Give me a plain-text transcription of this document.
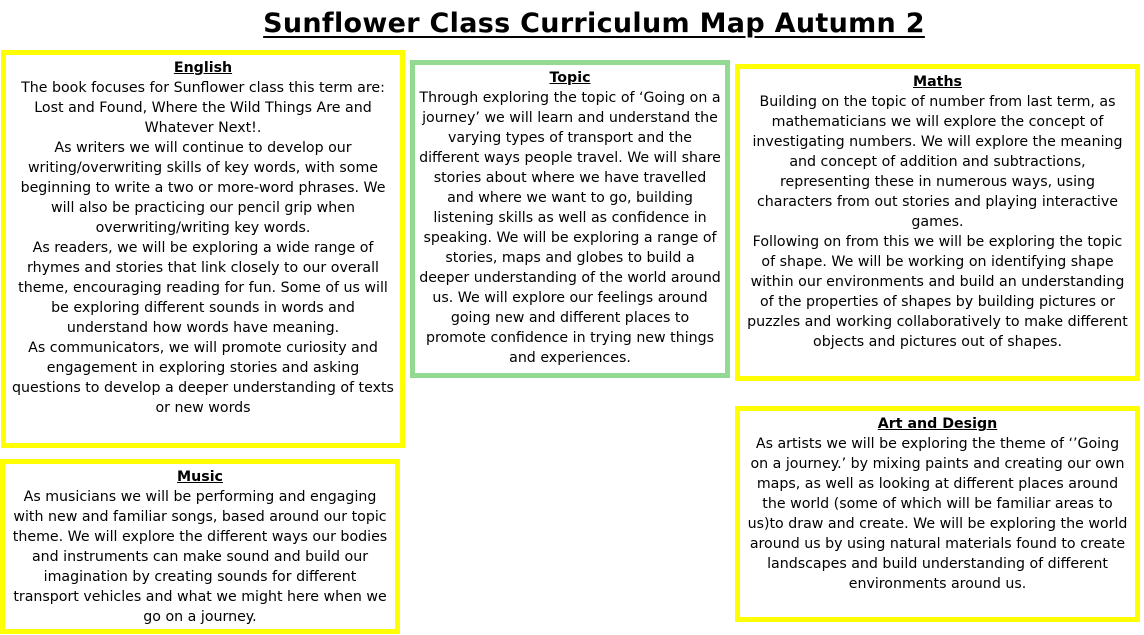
Sunflower Class Curriculum Map Autumn 2
English

The book focuses for Sunflower class this term are: Lost and Found, Where the Wild Things Are and Whatever Next!.

As writers we will continue to develop our writing/overwriting skills of key words, with some beginning to write a two or more-word phrases. We will also be practicing our pencil grip when overwriting/writing key words.

As readers, we will be exploring a wide range of rhymes and stories that link closely to our overall theme, encouraging reading for fun. Some of us will be exploring different sounds in words and understand how words have meaning.

As communicators, we will promote curiosity and engagement in exploring stories and asking questions to develop a deeper understanding of texts or new words

Topic

Through exploring the topic of ‘Going on a journey’ we will learn and understand the varying types of transport and the different ways people travel. We will share stories about where we have travelled and where we want to go, building listening skills as well as confidence in speaking. We will be exploring a range of stories, maps and globes to build a deeper understanding of the world around us. We will explore our feelings around going new and different places to promote confidence in trying new things and experiences.

Maths

Building on the topic of number from last term, as mathematicians we will explore the concept of investigating numbers. We will explore the meaning and concept of addition and subtractions, representing these in numerous ways, using characters from out stories and playing interactive games.

Following on from this we will be exploring the topic of shape. We will be working on identifying shape within our environments and build an understanding of the properties of shapes by building pictures or puzzles and working collaboratively to make different objects and pictures out of shapes.

Music

As musicians we will be performing and engaging with new and familiar songs, based around our topic theme. We will explore the different ways our bodies and instruments can make sound and build our imagination by creating sounds for different transport vehicles and what we might here when we go on a journey.

Art and Design

As artists we will be exploring the theme of ‘’Going on a journey.’ by mixing paints and creating our own maps, as well as looking at different places around the world (some of which will be familiar areas to us)to draw and create. We will be exploring the world around us by using natural materials found to create landscapes and build understanding of different environments around us.
